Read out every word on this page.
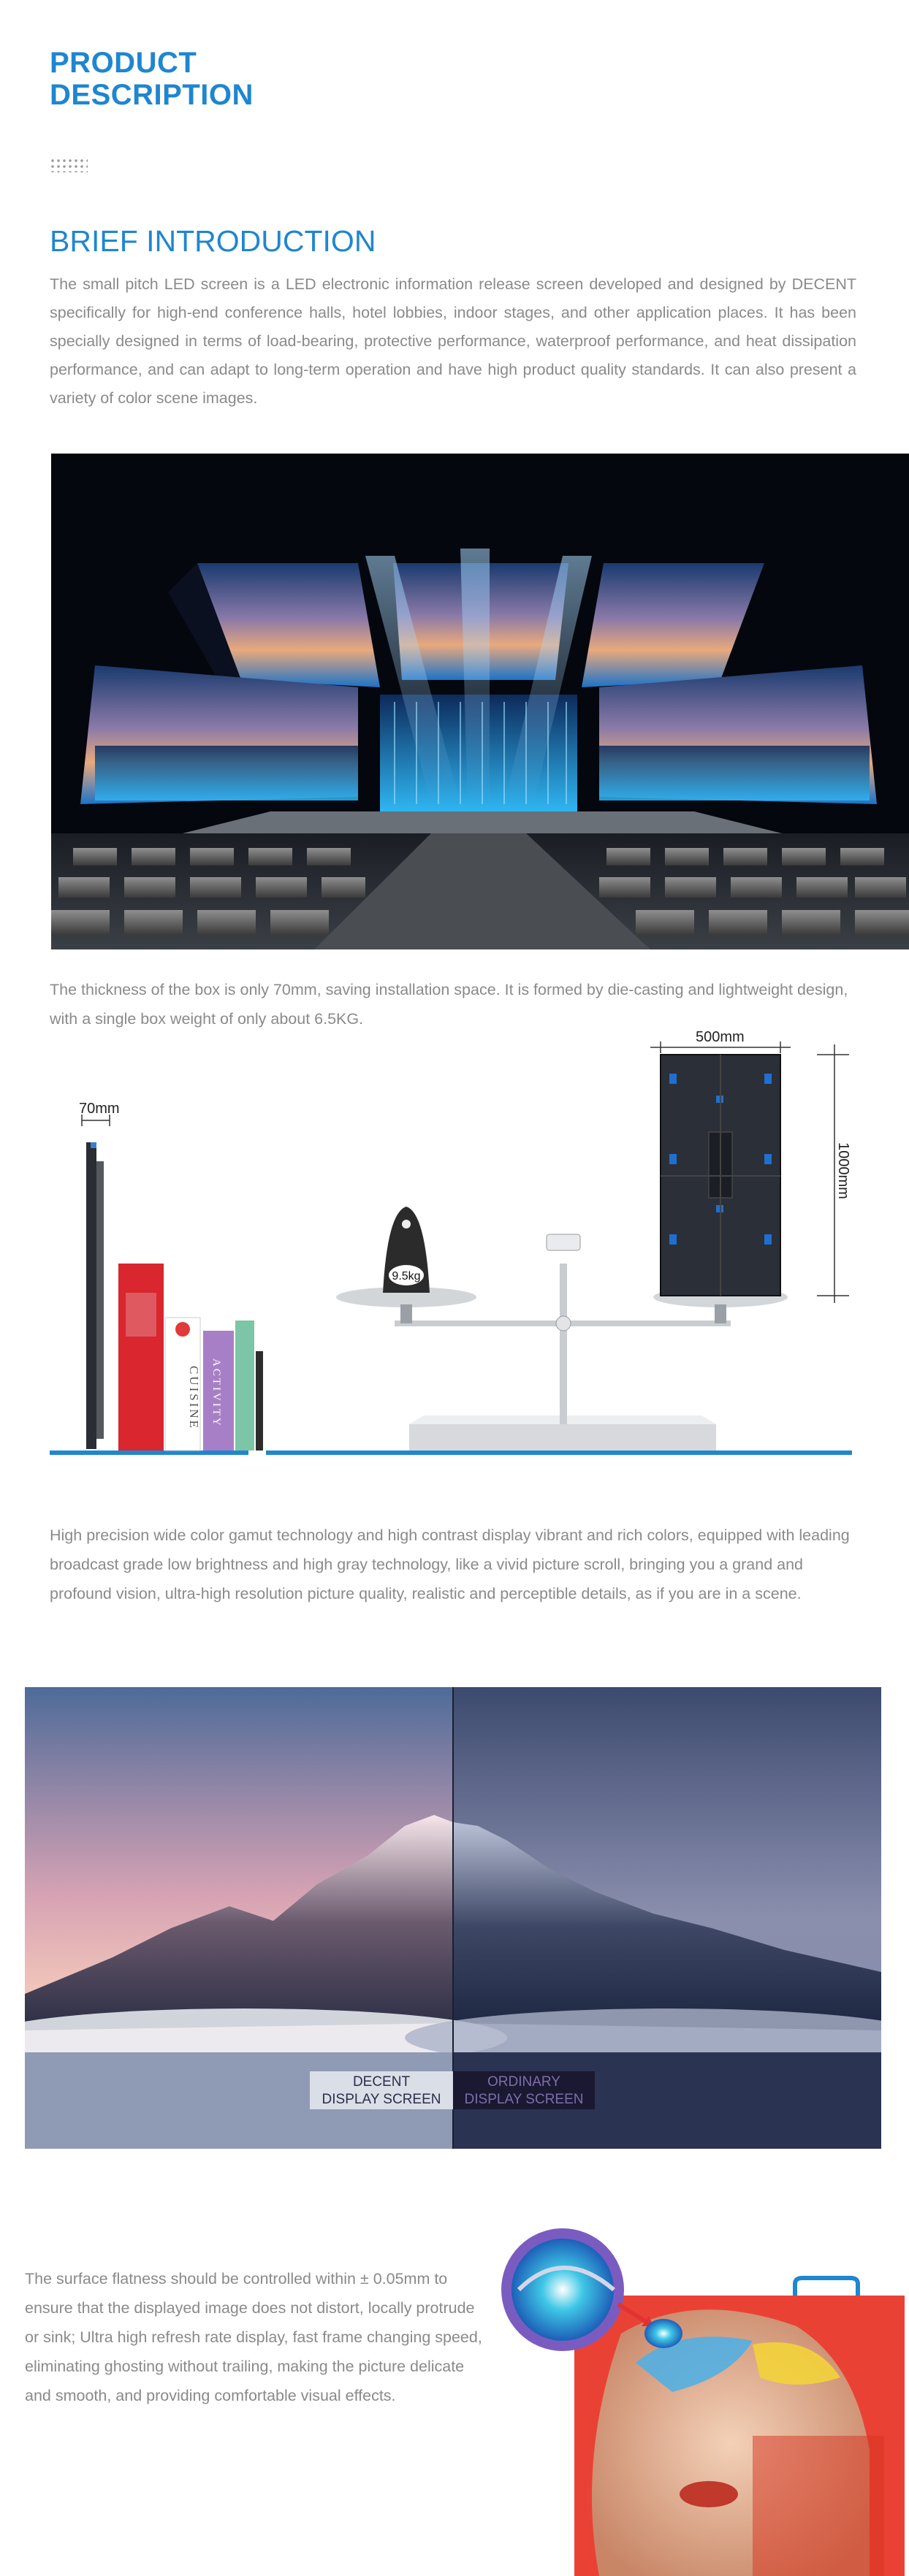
PRODUCT
DESCRIPTION
BRIEF INTRODUCTION
The small pitch LED screen is a LED electronic information release screen developed and designed by DECENT specifically for high-end conference halls, hotel lobbies, indoor stages, and other application places. It has been specially designed in terms of load-bearing, protective performance, waterproof performance, and heat dissipation performance, and can adapt to long-term operation and have high product quality standards. It can also present a variety of color scene images.
The thickness of the box is only 70mm, saving installation space. It is formed by die-casting and lightweight design, with a single box weight of only about 6.5KG.
70mm
CUISINE ACTIVITY
9.5kg
500mm
1000mm
High precision wide color gamut technology and high contrast display vibrant and rich colors, equipped with leading broadcast grade low brightness and high gray technology, like a vivid picture scroll, bringing you a grand and profound vision, ultra-high resolution picture quality, realistic and perceptible details, as if you are in a scene.
DECENT
DISPLAY SCREEN
ORDINARY
DISPLAY SCREEN
The surface flatness should be controlled within ± 0.05mm to ensure that the displayed image does not distort, locally protrude or sink; Ultra high refresh rate display, fast frame changing speed, eliminating ghosting without trailing, making the picture delicate and smooth, and providing comfortable visual effects.
